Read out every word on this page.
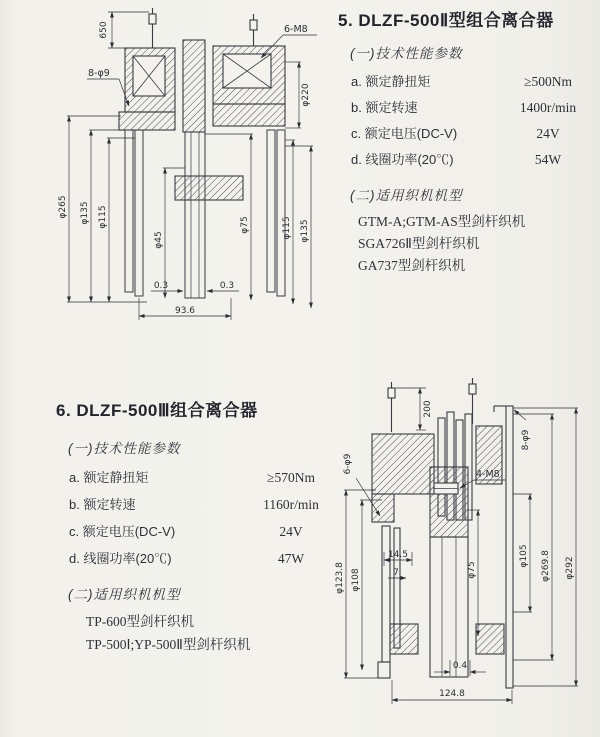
650	6-M8
8-φ9
φ265 φ135 φ115
φ45
φ220
φ75	φ115 φ135
0.3	0.3
93.6
5. DLZF-500Ⅱ型组合离合器
(一)技术性能参数
a. 额定静扭矩	≥500Nm
b. 额定转速	1400r/min
c. 额定电压(DC-V)	24V
d. 线圈功率(20℃)	54W
(二)适用织机机型
GTM-A;GTM-AS型剑杆织机
SGA726Ⅱ型剑杆织机
GA737型剑杆织机
6. DLZF-500Ⅲ组合离合器
(一)技术性能参数
a. 额定静扭矩	≥570Nm
b. 额定转速	1160r/min
c. 额定电压(DC-V)	24V
d. 线圈功率(20℃)	47W
(二)适用织机机型
TP-600型剑杆织机
TP-500Ⅰ;YP-500Ⅱ型剑杆织机
200
6-φ9
8-φ9
4-M8
φ123.8 φ108
14.5
7	φ75
φ105 φ269.8 φ292
0.4
124.8
